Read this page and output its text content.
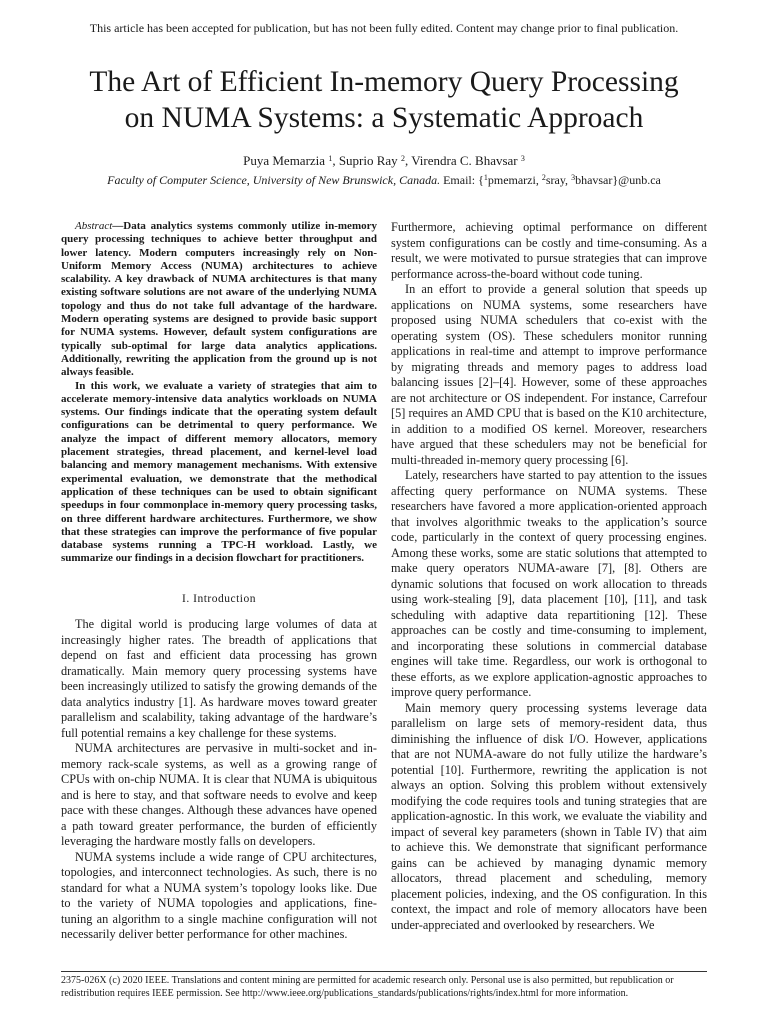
This article has been accepted for publication, but has not been fully edited. Content may change prior to final publication.
The Art of Efficient In-memory Query Processing
on NUMA Systems: a Systematic Approach
Puya Memarzia $^1$, Suprio Ray $^2$, Virendra C. Bhavsar $^3$
Faculty of Computer Science, University of New Brunswick, Canada. Email: {$^1$pmemarzi, $^2$sray, $^3$bhavsar}@unb.ca

Abstract—Data analytics systems commonly utilize in-memory query processing techniques to achieve better throughput and lower latency. Modern computers increasingly rely on Non-Uniform Memory Access (NUMA) architectures to achieve scalability. A key drawback of NUMA architectures is that many existing software solutions are not aware of the underlying NUMA topology and thus do not take full advantage of the hardware. Modern operating systems are designed to provide basic support for NUMA systems. However, default system configurations are typically sub-optimal for large data analytics applications. Additionally, rewriting the application from the ground up is not always feasible.

In this work, we evaluate a variety of strategies that aim to accelerate memory-intensive data analytics workloads on NUMA systems. Our findings indicate that the operating system default configurations can be detrimental to query performance. We analyze the impact of different memory allocators, memory placement strategies, thread placement, and kernel-level load balancing and memory management mechanisms. With extensive experimental evaluation, we demonstrate that the methodical application of these techniques can be used to obtain significant speedups in four commonplace in-memory query processing tasks, on three different hardware architectures. Furthermore, we show that these strategies can improve the performance of five popular database systems running a TPC-H workload. Lastly, we summarize our findings in a decision flowchart for practitioners.

I. Introduction

The digital world is producing large volumes of data at increasingly higher rates. The breadth of applications that depend on fast and efficient data processing has grown dramatically. Main memory query processing systems have been increasingly utilized to satisfy the growing demands of the data analytics industry [1]. As hardware moves toward greater parallelism and scalability, taking advantage of the hardware’s full potential remains a key challenge for these systems.

NUMA architectures are pervasive in multi-socket and in-memory rack-scale systems, as well as a growing range of CPUs with on-chip NUMA. It is clear that NUMA is ubiquitous and is here to stay, and that software needs to evolve and keep pace with these changes. Although these advances have opened a path toward greater performance, the burden of efficiently leveraging the hardware mostly falls on developers.

NUMA systems include a wide range of CPU architectures, topologies, and interconnect technologies. As such, there is no standard for what a NUMA system’s topology looks like. Due to the variety of NUMA topologies and applications, fine-tuning an algorithm to a single machine configuration will not necessarily deliver better performance for other machines.

Furthermore, achieving optimal performance on different system configurations can be costly and time-consuming. As a result, we were motivated to pursue strategies that can improve performance across-the-board without code tuning.

In an effort to provide a general solution that speeds up applications on NUMA systems, some researchers have proposed using NUMA schedulers that co-exist with the operating system (OS). These schedulers monitor running applications in real-time and attempt to improve performance by migrating threads and memory pages to address load balancing issues [2]–[4]. However, some of these approaches are not architecture or OS independent. For instance, Carrefour [5] requires an AMD CPU that is based on the K10 architecture, in addition to a modified OS kernel. Moreover, researchers have argued that these schedulers may not be beneficial for multi-threaded in-memory query processing [6].

Lately, researchers have started to pay attention to the issues affecting query performance on NUMA systems. These researchers have favored a more application-oriented approach that involves algorithmic tweaks to the application’s source code, particularly in the context of query processing engines. Among these works, some are static solutions that attempted to make query operators NUMA-aware [7], [8]. Others are dynamic solutions that focused on work allocation to threads using work-stealing [9], data placement [10], [11], and task scheduling with adaptive data repartitioning [12]. These approaches can be costly and time-consuming to implement, and incorporating these solutions in commercial database engines will take time. Regardless, our work is orthogonal to these efforts, as we explore application-agnostic approaches to improve query performance.

Main memory query processing systems leverage data parallelism on large sets of memory-resident data, thus diminishing the influence of disk I/O. However, applications that are not NUMA-aware do not fully utilize the hardware’s potential [10]. Furthermore, rewriting the application is not always an option. Solving this problem without extensively modifying the code requires tools and tuning strategies that are application-agnostic. In this work, we evaluate the viability and impact of several key parameters (shown in Table IV) that aim to achieve this. We demonstrate that significant performance gains can be achieved by managing dynamic memory allocators, thread placement and scheduling, memory placement policies, indexing, and the OS configuration. In this context, the impact and role of memory allocators have been under-appreciated and overlooked by researchers. We

2375-026X (c) 2020 IEEE. Translations and content mining are permitted for academic research only. Personal use is also permitted, but republication or redistribution requires IEEE permission. See http://www.ieee.org/publications_standards/publications/rights/index.html for more information.
